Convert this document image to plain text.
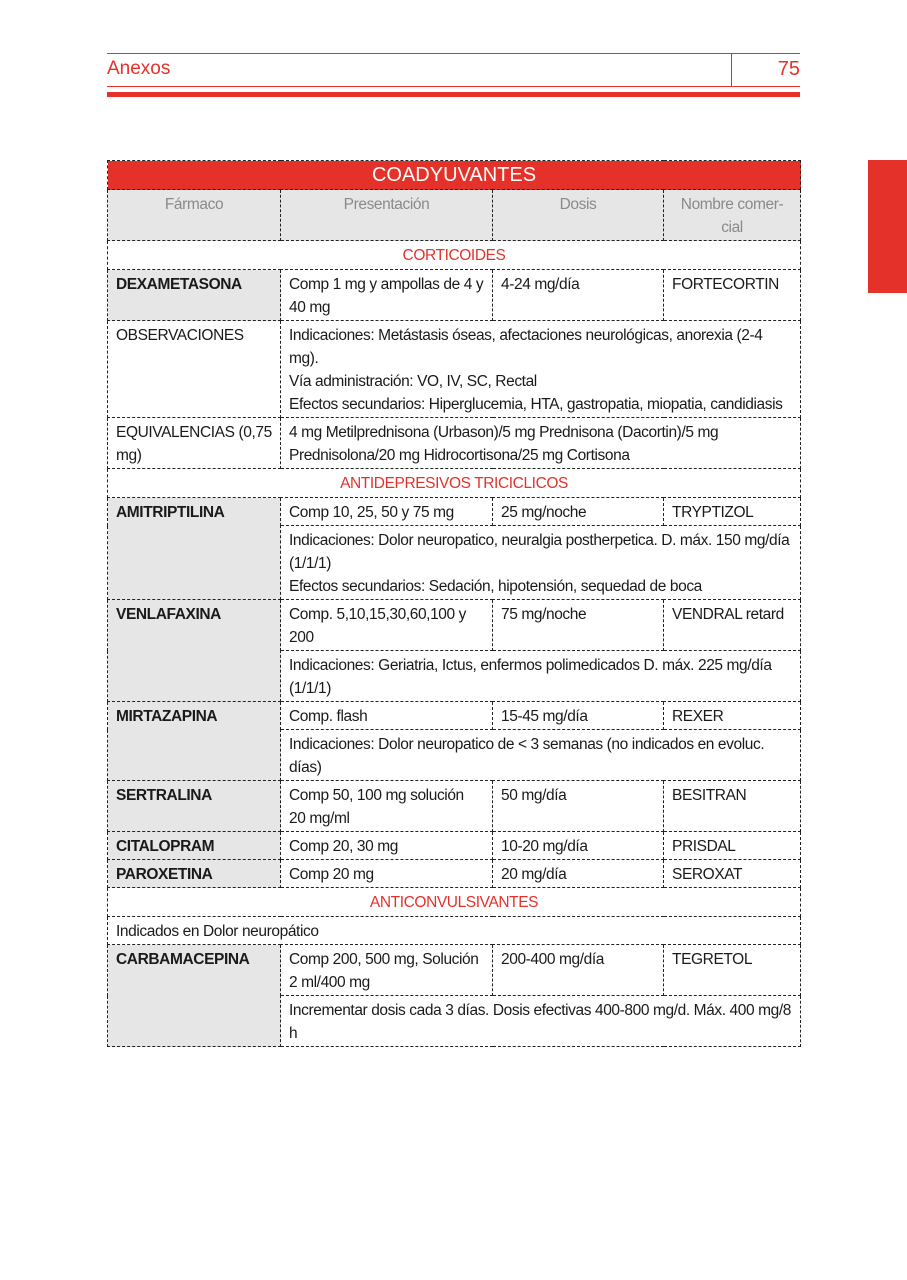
Anexos	75
COADYUVANTES			
Fármaco	Presentación	Dosis	Nombre comer-cial
CORTICOIDES			
DEXAMETASONA	Comp 1 mg y ampollas de 4 y 40 mg	4-24 mg/día	FORTECORTIN
OBSERVACIONES	Indicaciones: Metástasis óseas, afectaciones neurológicas, anorexia (2-4 mg).
Vía administración: VO, IV, SC, Rectal
Efectos secundarios: Hiperglucemia, HTA, gastropatia, miopatia, candidiasis		

EQUIVALENCIAS (0,75 mg)	4 mg Metilprednisona (Urbason)/5 mg Prednisona (Dacortin)/5 mg Prednisolona/20 mg Hidrocortisona/25 mg Cortisona		
ANTIDEPRESIVOS TRICICLICOS			
AMITRIPTILINA	Comp 10, 25, 50 y 75 mg	25 mg/noche	TRYPTIZOL

	Indicaciones: Dolor neuropatico, neuralgia postherpetica. D. máx. 150 mg/día (1/1/1)
Efectos secundarios: Sedación, hipotensión, sequedad de boca		

VENLAFAXINA	Comp. 5,10,15,30,60,100 y 200	75 mg/noche	VENDRAL retard
	Indicaciones: Geriatria, Ictus, enfermos polimedicados D. máx. 225 mg/día (1/1/1)		
MIRTAZAPINA	Comp. flash	15-45 mg/día	REXER
	Indicaciones: Dolor neuropatico de < 3 semanas (no indicados en evoluc. días)		
SERTRALINA	Comp 50, 100 mg solución 20 mg/ml	50 mg/día	BESITRAN
CITALOPRAM	Comp 20, 30 mg	10-20 mg/día	PRISDAL
PAROXETINA	Comp 20 mg	20 mg/día	SEROXAT
ANTICONVULSIVANTES			
Indicados en Dolor neuropático			
CARBAMACEPINA	Comp 200, 500 mg, Solución 2 ml/400 mg	200-400 mg/día	TEGRETOL
	Incrementar dosis cada 3 días. Dosis efectivas 400-800 mg/d. Máx. 400 mg/8 h		
